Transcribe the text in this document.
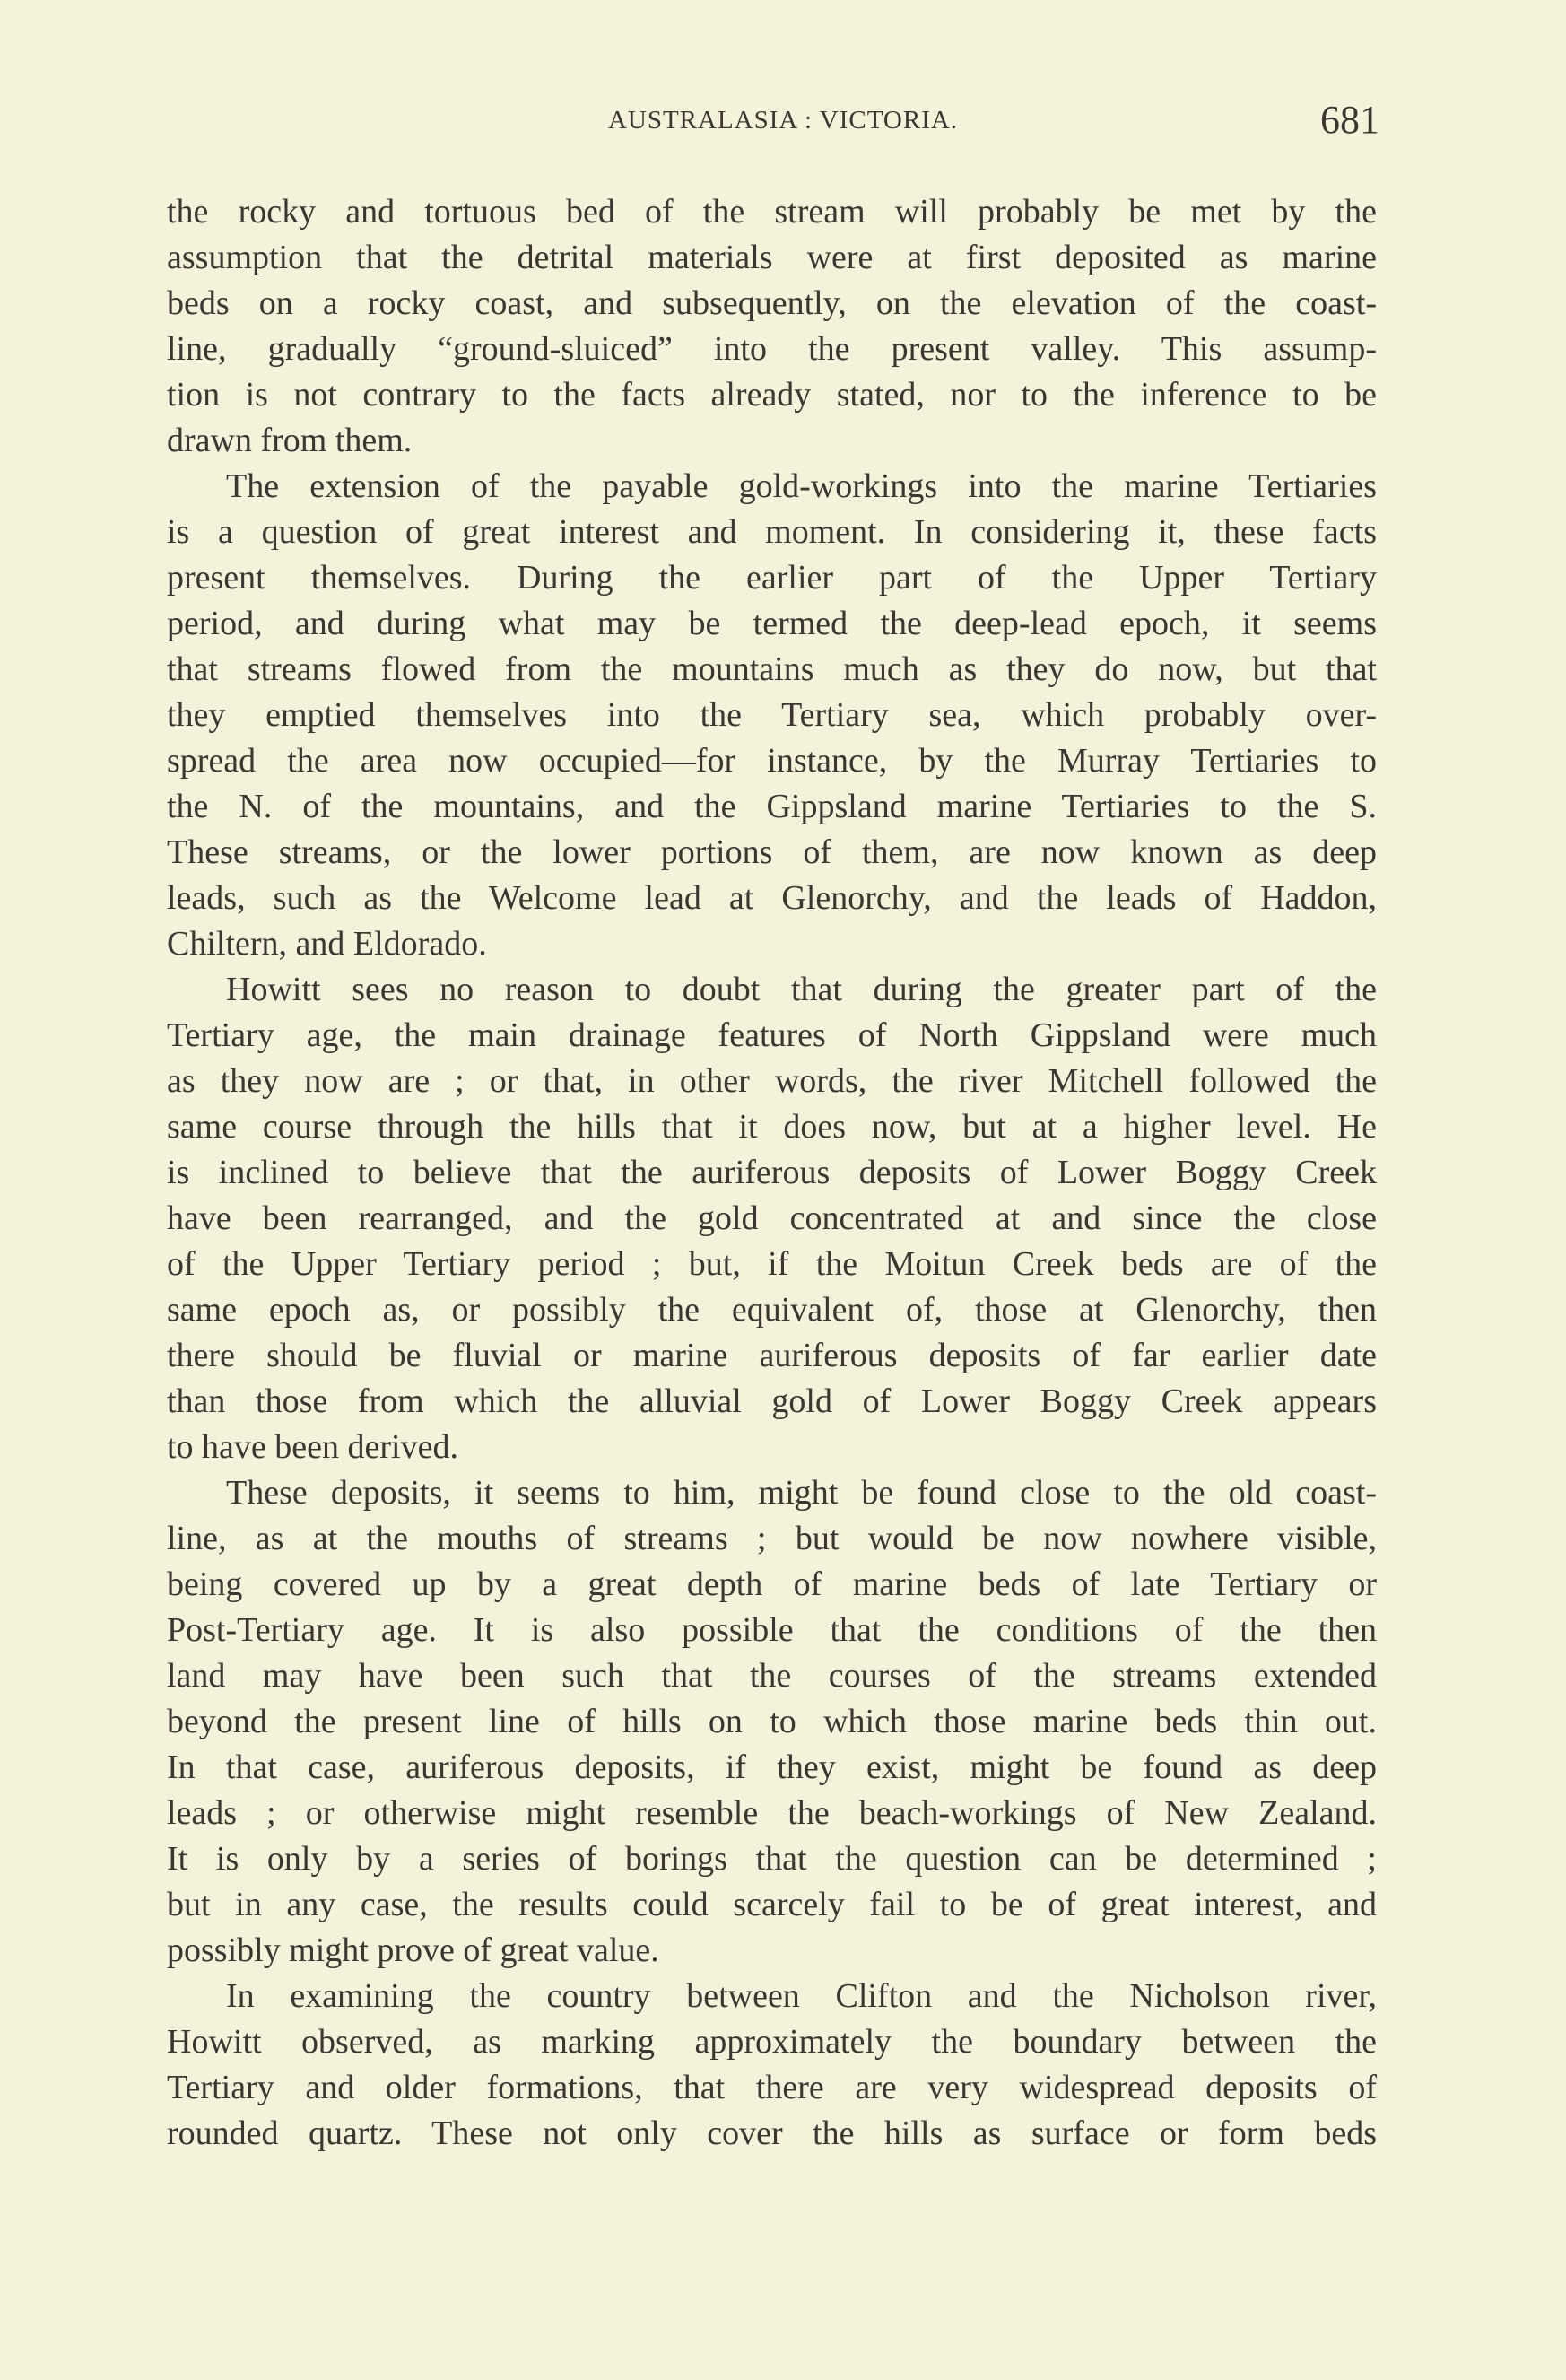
AUSTRALASIA : VICTORIA.	681
the rocky and tortuous bed of the stream will probably be met by the
assumption that the detrital materials were at first deposited as marine
beds on a rocky coast, and subsequently, on the elevation of the coast-
line, gradually “ground-sluiced” into the present valley. This assump-
tion is not contrary to the facts already stated, nor to the inference to be
drawn from them.
The extension of the payable gold-workings into the marine Tertiaries
is a question of great interest and moment. In considering it, these facts
present themselves. During the earlier part of the Upper Tertiary
period, and during what may be termed the deep-lead epoch, it seems
that streams flowed from the mountains much as they do now, but that
they emptied themselves into the Tertiary sea, which probably over-
spread the area now occupied—for instance, by the Murray Tertiaries to
the N. of the mountains, and the Gippsland marine Tertiaries to the S.
These streams, or the lower portions of them, are now known as deep
leads, such as the Welcome lead at Glenorchy, and the leads of Haddon,
Chiltern, and Eldorado.
Howitt sees no reason to doubt that during the greater part of the
Tertiary age, the main drainage features of North Gippsland were much
as they now are ; or that, in other words, the river Mitchell followed the
same course through the hills that it does now, but at a higher level. He
is inclined to believe that the auriferous deposits of Lower Boggy Creek
have been rearranged, and the gold concentrated at and since the close
of the Upper Tertiary period ; but, if the Moitun Creek beds are of the
same epoch as, or possibly the equivalent of, those at Glenorchy, then
there should be fluvial or marine auriferous deposits of far earlier date
than those from which the alluvial gold of Lower Boggy Creek appears
to have been derived.
These deposits, it seems to him, might be found close to the old coast-
line, as at the mouths of streams ; but would be now nowhere visible,
being covered up by a great depth of marine beds of late Tertiary or
Post-Tertiary age. It is also possible that the conditions of the then
land may have been such that the courses of the streams extended
beyond the present line of hills on to which those marine beds thin out.
In that case, auriferous deposits, if they exist, might be found as deep
leads ; or otherwise might resemble the beach-workings of New Zealand.
It is only by a series of borings that the question can be determined ;
but in any case, the results could scarcely fail to be of great interest, and
possibly might prove of great value.
In examining the country between Clifton and the Nicholson river,
Howitt observed, as marking approximately the boundary between the
Tertiary and older formations, that there are very widespread deposits of
rounded quartz. These not only cover the hills as surface or form beds
